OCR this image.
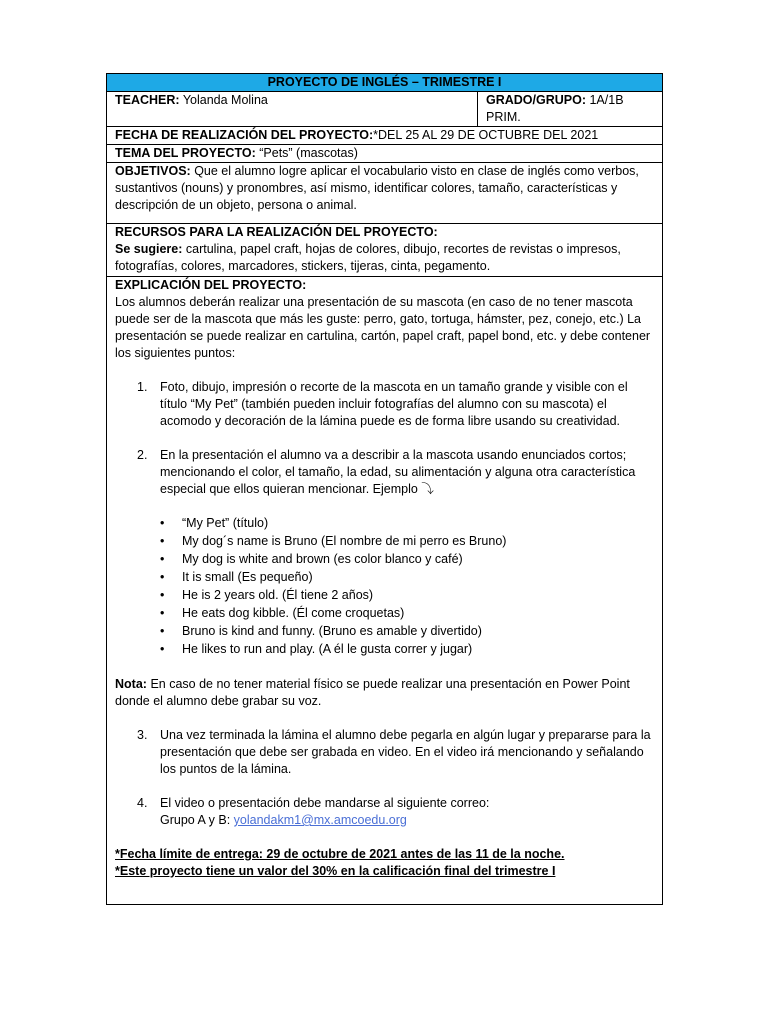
PROYECTO DE INGLÉS – TRIMESTRE I
TEACHER: Yolanda Molina	GRADO/GRUPO: 1A/1B PRIM.
FECHA DE REALIZACIÓN DEL PROYECTO:*DEL 25 AL 29 DE OCTUBRE DEL 2021
TEMA DEL PROYECTO: “Pets” (mascotas)
OBJETIVOS: Que el alumno logre aplicar el vocabulario visto en clase de inglés como verbos, sustantivos (nouns) y pronombres, así mismo, identificar colores, tamaño, características y descripción de un objeto, persona o animal.

RECURSOS PARA LA REALIZACIÓN DEL PROYECTO:
Se sugiere: cartulina, papel craft, hojas de colores, dibujo, recortes de revistas o impresos, fotografías, colores, marcadores, stickers, tijeras, cinta, pegamento.

EXPLICACIÓN DEL PROYECTO:

Los alumnos deberán realizar una presentación de su mascota (en caso de no tener mascota puede ser de la mascota que más les guste: perro, gato, tortuga, hámster, pez, conejo, etc.) La presentación se puede realizar en cartulina, cartón, papel craft, papel bond, etc. y debe contener los siguientes puntos:

1. Foto, dibujo, impresión o recorte de la mascota en un tamaño grande y visible con el título “My Pet” (también pueden incluir fotografías del alumno con su mascota) el acomodo y decoración de la lámina puede es de forma libre usando su creatividad.
2. En la presentación el alumno va a describir a la mascota usando enunciados cortos; mencionando el color, el tamaño, la edad, su alimentación y alguna otra característica especial que ellos quieran mencionar. Ejemplo ⤵
• “My Pet” (título)
• My dog´s name is Bruno (El nombre de mi perro es Bruno)
• My dog is white and brown (es color blanco y café)
• It is small (Es pequeño)
• He is 2 years old. (Él tiene 2 años)
• He eats dog kibble. (Él come croquetas)
• Bruno is kind and funny. (Bruno es amable y divertido)
• He likes to run and play. (A él le gusta correr y jugar)

Nota: En caso de no tener material físico se puede realizar una presentación en Power Point donde el alumno debe grabar su voz.

3. Una vez terminada la lámina el alumno debe pegarla en algún lugar y prepararse para la presentación que debe ser grabada en video. En el video irá mencionando y señalando los puntos de la lámina.
4. El video o presentación debe mandarse al siguiente correo:
Grupo A y B: yolandakm1@mx.amcoedu.org
*Fecha límite de entrega: 29 de octubre de 2021 antes de las 11 de la noche.
*Este proyecto tiene un valor del 30% en la calificación final del trimestre I
